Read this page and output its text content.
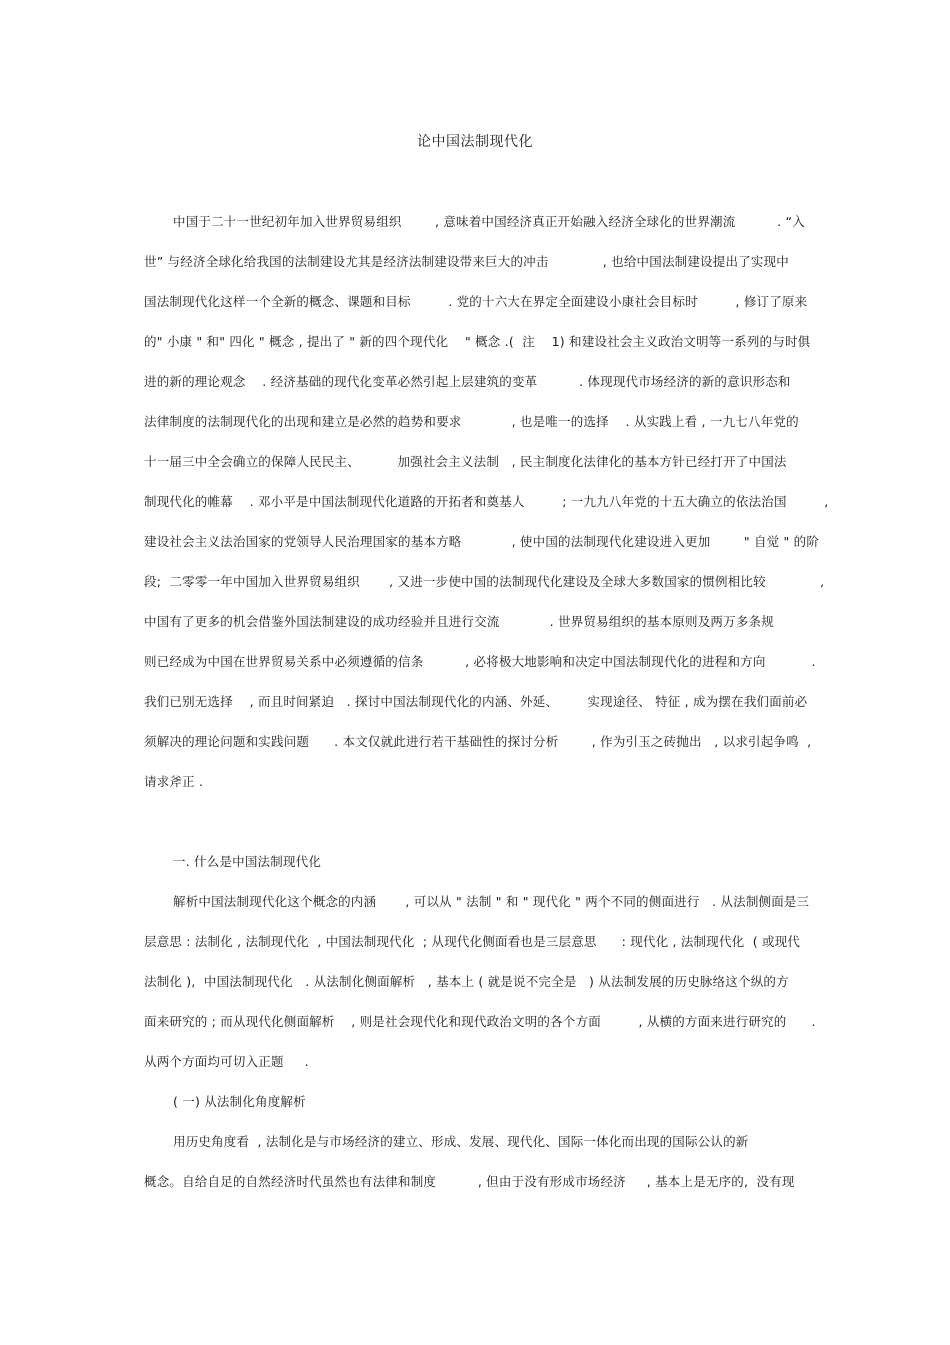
论中国法制现代化
中国于二十一世纪初年加入世界贸易组织        , 意味着中国经济真正开始融入经济全球化的世界潮流          . “入
世” 与经济全球化给我国的法制建设尤其是经济法制建设带来巨大的冲击             , 也给中国法制建设提出了实现中
国法制现代化这样一个全新的概念、课题和目标         . 党的十六大在界定全面建设小康社会目标时         , 修订了原来
的" 小康 " 和" 四化 " 概念 , 提出了 " 新的四个现代化    " 概念 .(  注    1) 和建设社会主义政治文明等一系列的与时俱
进的新的理论观念    . 经济基础的现代化变革必然引起上层建筑的变革          . 体现现代市场经济的新的意识形态和
法律制度的法制现代化的出现和建立是必然的趋势和要求            , 也是唯一的选择    . 从实践上看 , 一九七八年党的
十一届三中全会确立的保障人民民主、         加强社会主义法制   , 民主制度化法律化的基本方针已经打开了中国法
制现代化的帷幕    . 邓小平是中国法制现代化道路的开拓者和奠基人         ; 一九九八年党的十五大确立的依法治国         ,
建设社会主义法治国家的党领导人民治理国家的基本方略            , 使中国的法制现代化建设进入更加        " 自觉 " 的阶
段;  二零零一年中国加入世界贸易组织       , 又进一步使中国的法制现代化建设及全球大多数国家的惯例相比较             ,
中国有了更多的机会借鉴外国法制建设的成功经验并且进行交流            . 世界贸易组织的基本原则及两万多条规
则已经成为中国在世界贸易关系中必须遵循的信条          , 必将极大地影响和决定中国法制现代化的进程和方向           .
我们已别无选择    , 而且时间紧迫   . 探讨中国法制现代化的内涵、外延、       实现途径、 特征 , 成为摆在我们面前必
须解决的理论问题和实践问题      . 本文仅就此进行若干基础性的探讨分析        , 作为引玉之砖抛出   , 以求引起争鸣  ,
请求斧正 .
一. 什么是中国法制现代化
解析中国法制现代化这个概念的内涵       , 可以从 " 法制 " 和 " 现代化 " 两个不同的侧面进行   . 从法制侧面是三
层意思 : 法制化 , 法制现代化  , 中国法制现代化  ; 从现代化侧面看也是三层意思      : 现代化 , 法制现代化  ( 或现代
法制化 ),  中国法制现代化   . 从法制化侧面解析   , 基本上 ( 就是说不完全是   ) 从法制发展的历史脉络这个纵的方
面来研究的 ; 而从现代化侧面解析    , 则是社会现代化和现代政治文明的各个方面         , 从横的方面来进行研究的      .
从两个方面均可切入正题     .
( 一) 从法制化角度解析
用历史角度看  , 法制化是与市场经济的建立、形成、发展、现代化、国际一体化而出现的国际公认的新
概念。自给自足的自然经济时代虽然也有法律和制度          , 但由于没有形成市场经济     , 基本上是无序的,  没有现
